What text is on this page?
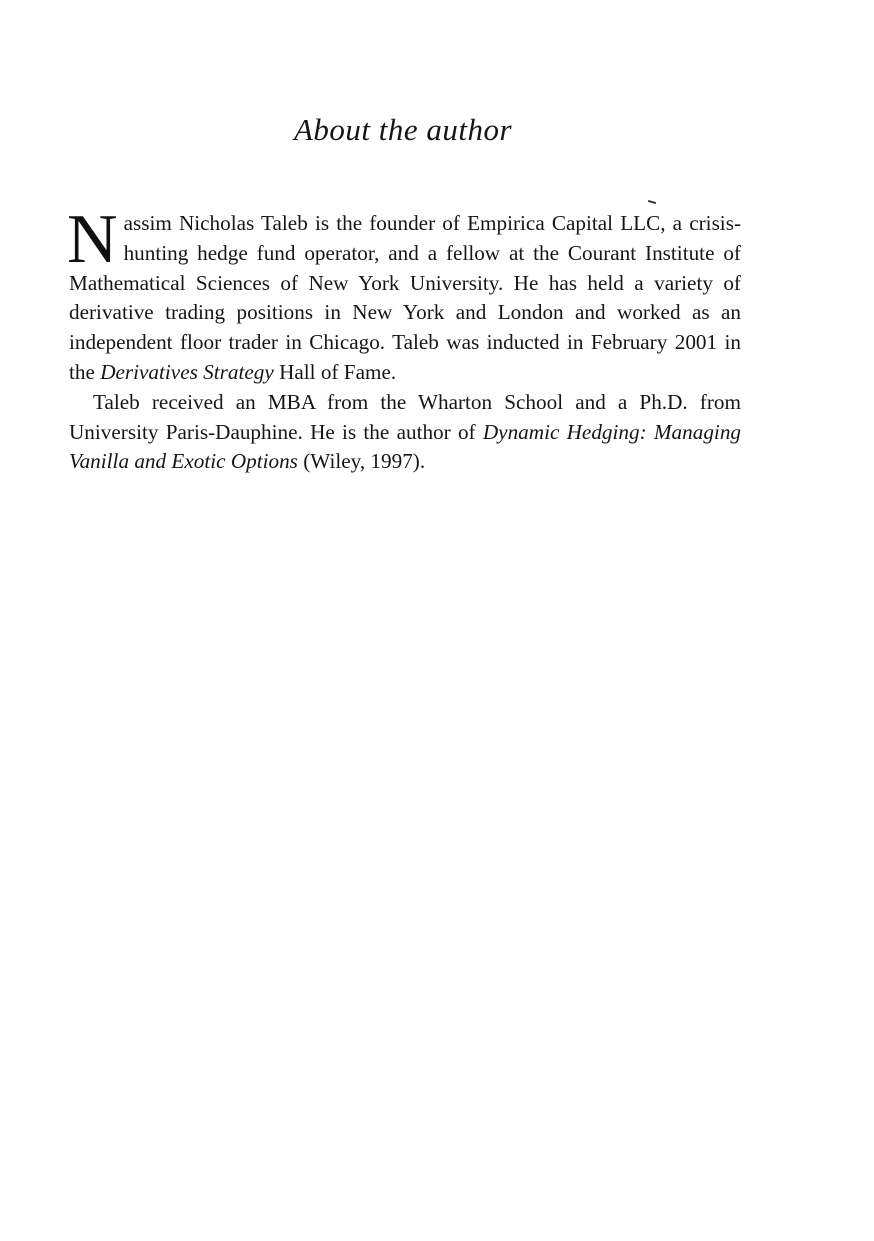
About the author

Nassim Nicholas Taleb is the founder of Empirica Capital LLC, a crisis-hunting hedge fund operator, and a fellow at the Courant Institute of Mathematical Sciences of New York University. He has held a variety of derivative trading positions in New York and London and worked as an independent floor trader in Chicago. Taleb was inducted in February 2001 in the Derivatives Strategy Hall of Fame.

Taleb received an MBA from the Wharton School and a Ph.D. from University Paris-Dauphine. He is the author of Dynamic Hedging: Managing Vanilla and Exotic Options (Wiley, 1997).
